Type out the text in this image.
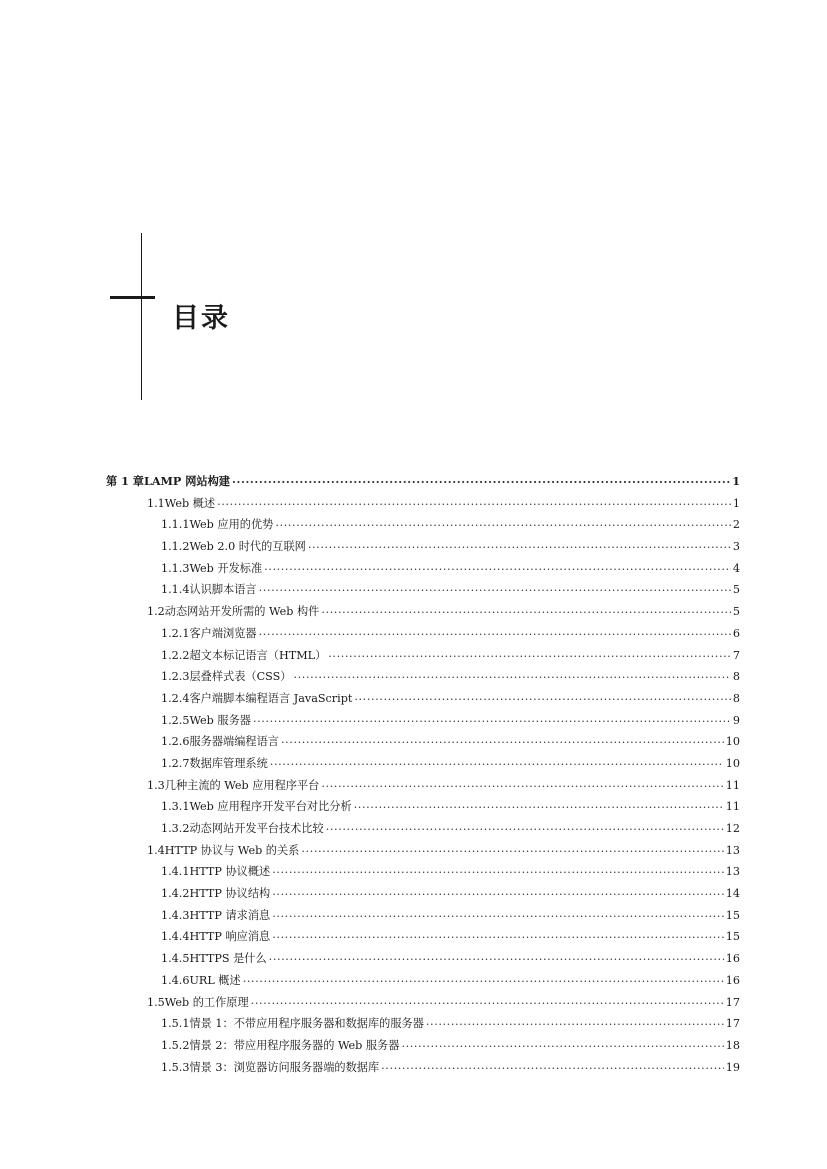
目录
第 1 章 LAMP 网站构建 .....	1
1.1 Web 概述 .....	1
1.1.1 Web 应用的优势 .....	2
1.1.2 Web 2.0 时代的互联网 .....	3
1.1.3 Web 开发标准 .....	4
1.1.4 认识脚本语言 .....	5
1.2 动态网站开发所需的 Web 构件 .....	5
1.2.1 客户端浏览器 .....	6
1.2.2 超文本标记语言（HTML） .....	7
1.2.3 层叠样式表（CSS） .....	8
1.2.4 客户端脚本编程语言 JavaScript .....	8
1.2.5 Web 服务器 .....	9
1.2.6 服务器端编程语言 .....	10
1.2.7 数据库管理系统 .....	10
1.3 几种主流的 Web 应用程序平台 .....	11
1.3.1 Web 应用程序开发平台对比分析 .....	11
1.3.2 动态网站开发平台技术比较 .....	12
1.4 HTTP 协议与 Web 的关系 .....	13
1.4.1 HTTP 协议概述 .....	13
1.4.2 HTTP 协议结构 .....	14
1.4.3 HTTP 请求消息 .....	15
1.4.4 HTTP 响应消息 .....	15
1.4.5 HTTPS 是什么 .....	16
1.4.6 URL 概述 .....	16
1.5 Web 的工作原理 .....	17
1.5.1 情景 1：不带应用程序服务器和数据库的服务器 .....	17
1.5.2 情景 2：带应用程序服务器的 Web 服务器 .....	18
1.5.3 情景 3：浏览器访问服务器端的数据库 .....	19
